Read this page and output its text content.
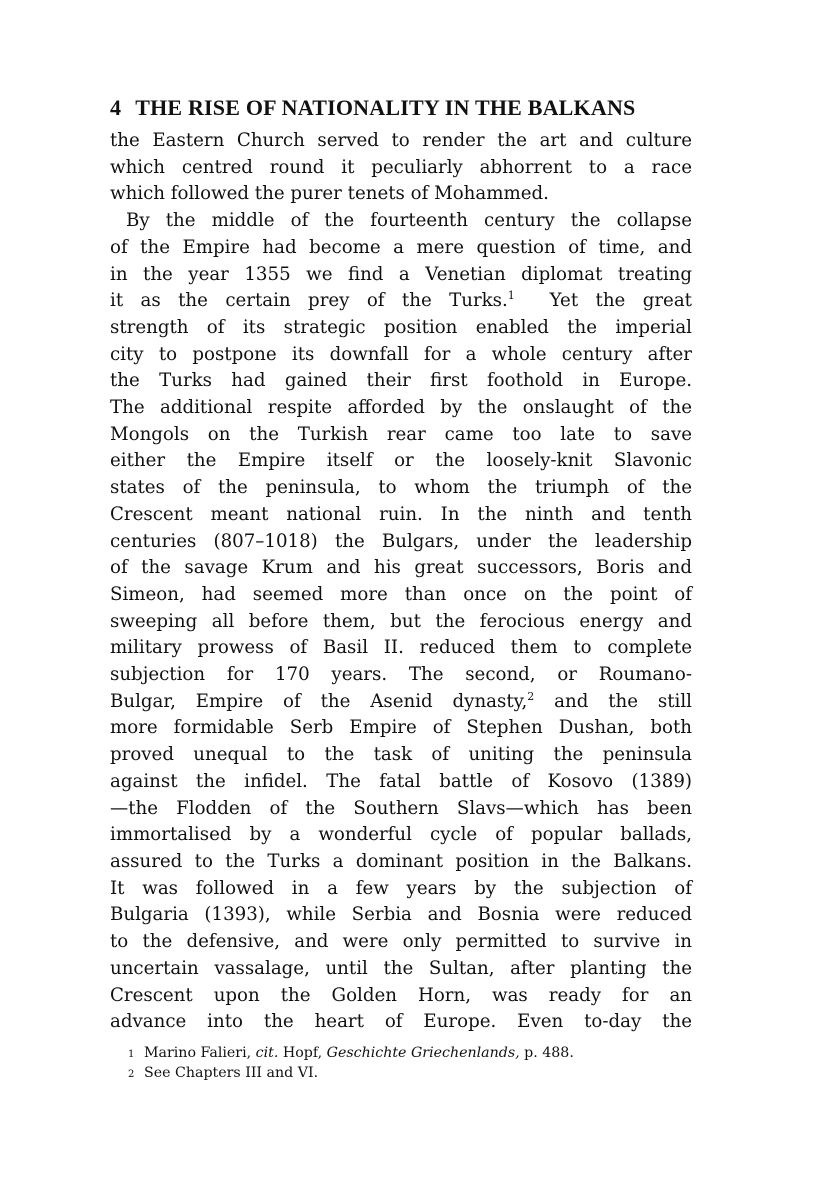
4 THE RISE OF NATIONALITY IN THE BALKANS

the Eastern Church served to render the art and culture

which centred round it peculiarly abhorrent to a race

which followed the purer tenets of Mohammed.

By the middle of the fourteenth century the collapse

of the Empire had become a mere question of time, and

in the year 1355 we find a Venetian diplomat treating

it as the certain prey of the Turks.$^1$ Yet the great

strength of its strategic position enabled the imperial

city to postpone its downfall for a whole century after

the Turks had gained their first foothold in Europe.

The additional respite afforded by the onslaught of the

Mongols on the Turkish rear came too late to save

either the Empire itself or the loosely-knit Slavonic

states of the peninsula, to whom the triumph of the

Crescent meant national ruin. In the ninth and tenth

centuries (807–1018) the Bulgars, under the leadership

of the savage Krum and his great successors, Boris and

Simeon, had seemed more than once on the point of

sweeping all before them, but the ferocious energy and

military prowess of Basil II. reduced them to complete

subjection for 170 years. The second, or Roumano-

Bulgar, Empire of the Asenid dynasty,$^2$ and the still

more formidable Serb Empire of Stephen Dushan, both

proved unequal to the task of uniting the peninsula

against the infidel. The fatal battle of Kosovo (1389)

—the Flodden of the Southern Slavs—which has been

immortalised by a wonderful cycle of popular ballads,

assured to the Turks a dominant position in the Balkans.

It was followed in a few years by the subjection of

Bulgaria (1393), while Serbia and Bosnia were reduced

to the defensive, and were only permitted to survive in

uncertain vassalage, until the Sultan, after planting the

Crescent upon the Golden Horn, was ready for an

advance into the heart of Europe. Even to-day the

1 Marino Falieri, cit. Hopf, Geschichte Griechenlands, p. 488.
2 See Chapters III and VI.
